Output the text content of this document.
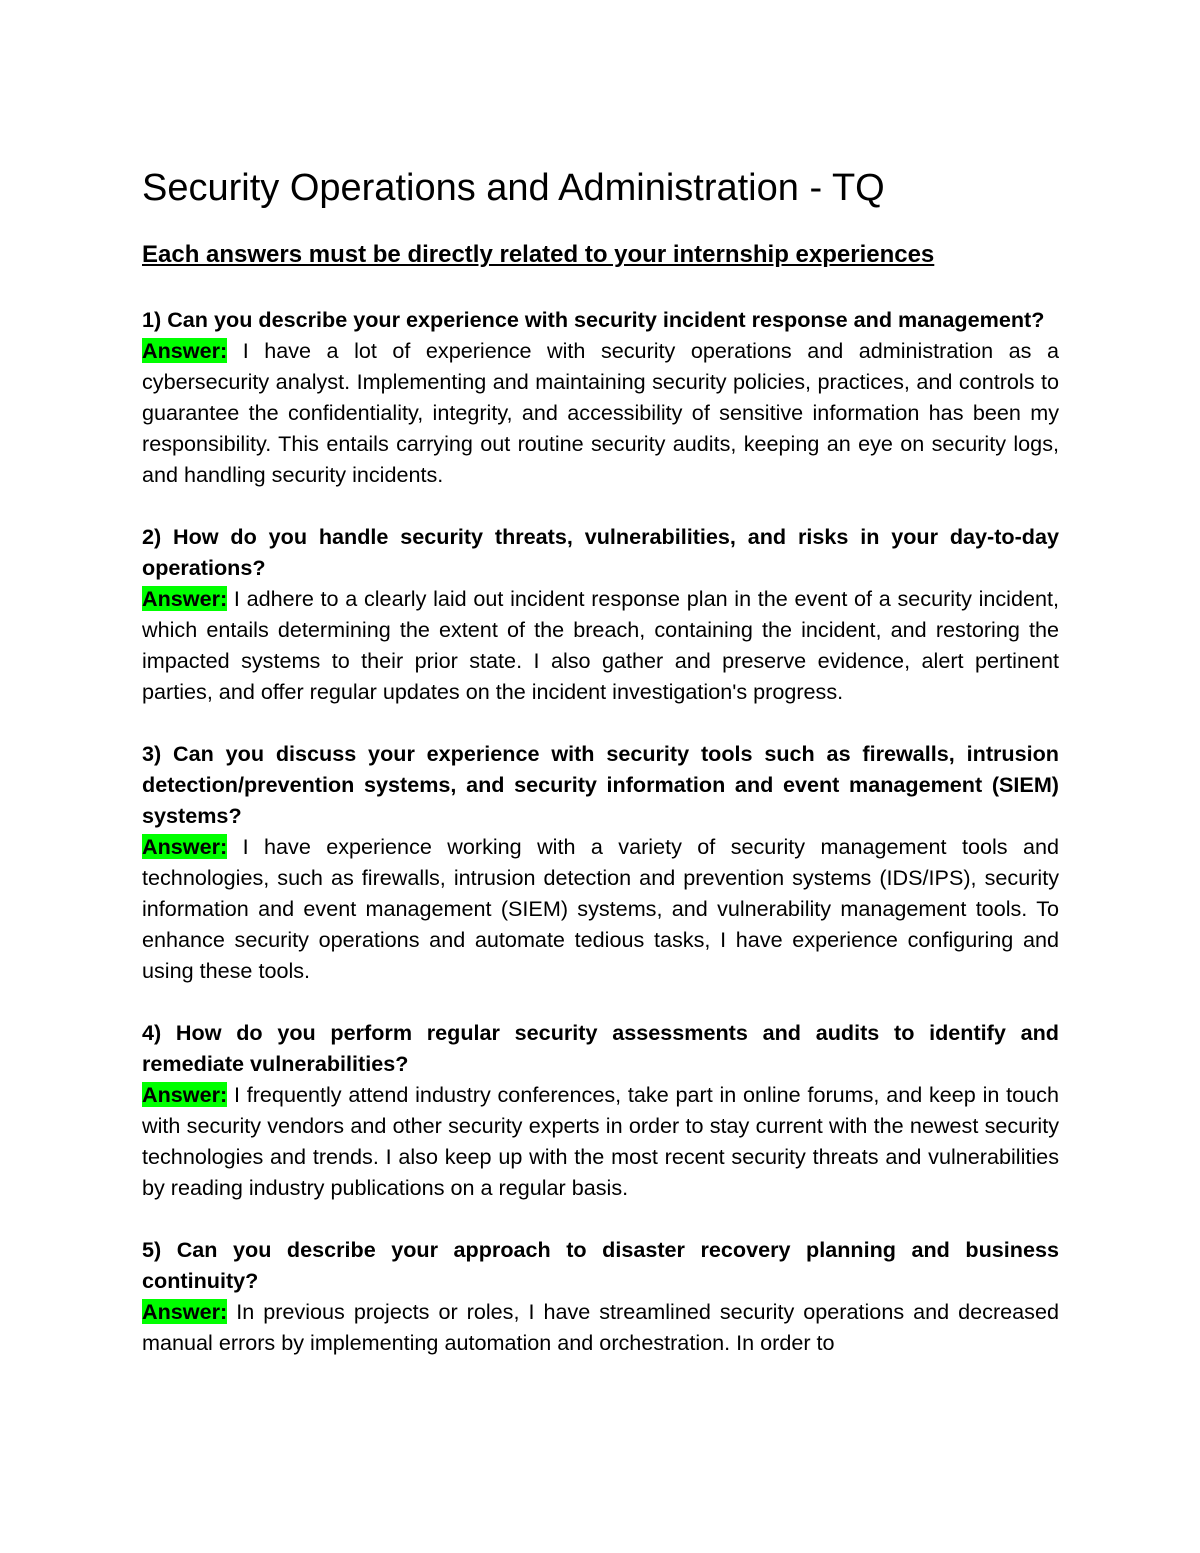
Security Operations and Administration - TQ
Each answers must be directly related to your internship experiences

1) Can you describe your experience with security incident response and management?

Answer: I have a lot of experience with security operations and administration as a cybersecurity analyst. Implementing and maintaining security policies, practices, and controls to guarantee the confidentiality, integrity, and accessibility of sensitive information has been my responsibility. This entails carrying out routine security audits, keeping an eye on security logs, and handling security incidents.

2) How do you handle security threats, vulnerabilities, and risks in your day-to-day operations?

Answer: I adhere to a clearly laid out incident response plan in the event of a security incident, which entails determining the extent of the breach, containing the incident, and restoring the impacted systems to their prior state. I also gather and preserve evidence, alert pertinent parties, and offer regular updates on the incident investigation's progress.

3) Can you discuss your experience with security tools such as firewalls, intrusion detection/prevention systems, and security information and event management (SIEM) systems?

Answer: I have experience working with a variety of security management tools and technologies, such as firewalls, intrusion detection and prevention systems (IDS/IPS), security information and event management (SIEM) systems, and vulnerability management tools. To enhance security operations and automate tedious tasks, I have experience configuring and using these tools.

4) How do you perform regular security assessments and audits to identify and remediate vulnerabilities?

Answer: I frequently attend industry conferences, take part in online forums, and keep in touch with security vendors and other security experts in order to stay current with the newest security technologies and trends. I also keep up with the most recent security threats and vulnerabilities by reading industry publications on a regular basis.

5) Can you describe your approach to disaster recovery planning and business continuity?

Answer: In previous projects or roles, I have streamlined security operations and decreased manual errors by implementing automation and orchestration. In order to
